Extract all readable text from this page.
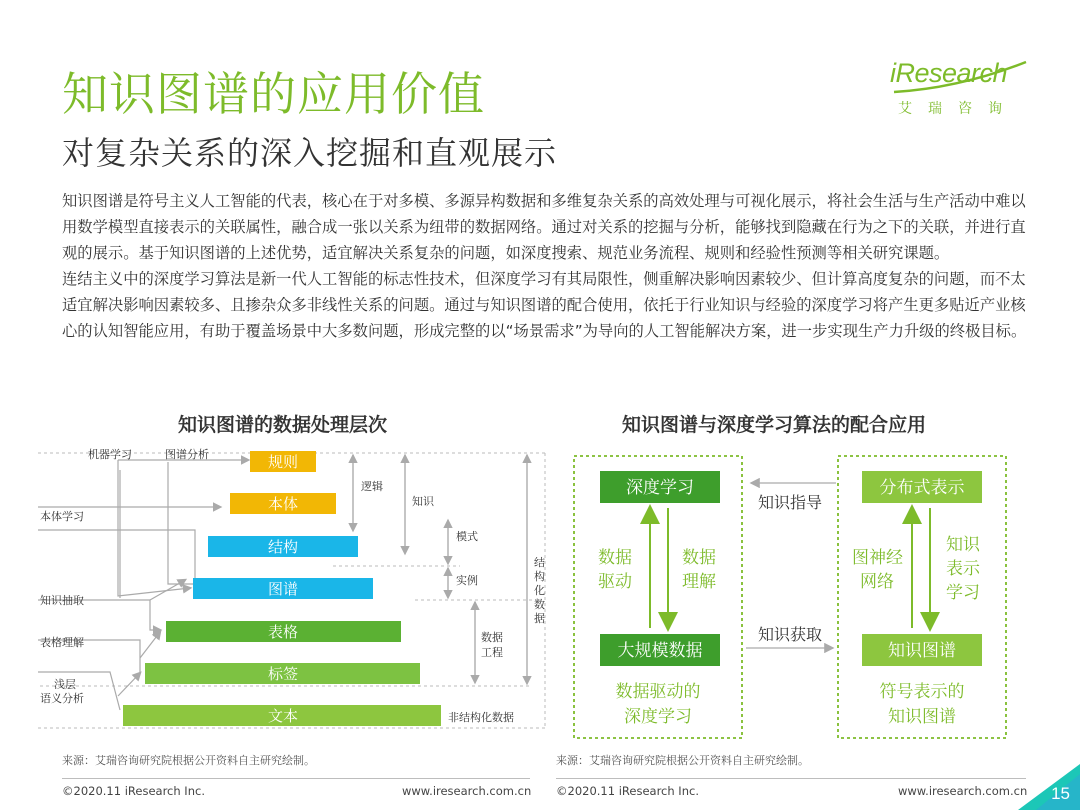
知识图谱的应用价值
对复杂关系的深入挖掘和直观展示
iResearch
艾瑞咨询

知识图谱是符号主义人工智能的代表，核心在于对多模、多源异构数据和多维复杂关系的高效处理与可视化展示，将社会生活与生产活动中难以用数学模型直接表示的关联属性，融合成一张以关系为纽带的数据网络。通过对关系的挖掘与分析，能够找到隐藏在行为之下的关联，并进行直观的展示。基于知识图谱的上述优势，适宜解决关系复杂的问题，如深度搜索、规范业务流程、规则和经验性预测等相关研究课题。

连结主义中的深度学习算法是新一代人工智能的标志性技术，但深度学习有其局限性，侧重解决影响因素较少、但计算高度复杂的问题，而不太适宜解决影响因素较多、且掺杂众多非线性关系的问题。通过与知识图谱的配合使用，依托于行业知识与经验的深度学习将产生更多贴近产业核心的认知智能应用，有助于覆盖场景中大多数问题，形成完整的以“场景需求”为导向的人工智能解决方案，进一步实现生产力升级的终极目标。

知识图谱的数据处理层次	知识图谱与深度学习算法的配合应用
规则
本体
结构
图谱
表格
标签
文本
机器学习	图谱分析
本体学习
知识抽取
表格理解
浅层
语义分析
逻辑
知识
模式
实例
数据
工程
非结构化数据
结
构
化
数
据
深度学习
大规模数据
数据
驱动
数据
理解
数据驱动的
深度学习
分布式表示
知识图谱
图神经
网络
知识
表示
学习
符号表示的
知识图谱
知识指导
知识获取
来源：艾瑞咨询研究院根据公开资料自主研究绘制。	来源：艾瑞咨询研究院根据公开资料自主研究绘制。
©2020.11 iResearch Inc.	www.iresearch.com.cn ©2020.11 iResearch Inc.	www.iresearch.com.cn 15
